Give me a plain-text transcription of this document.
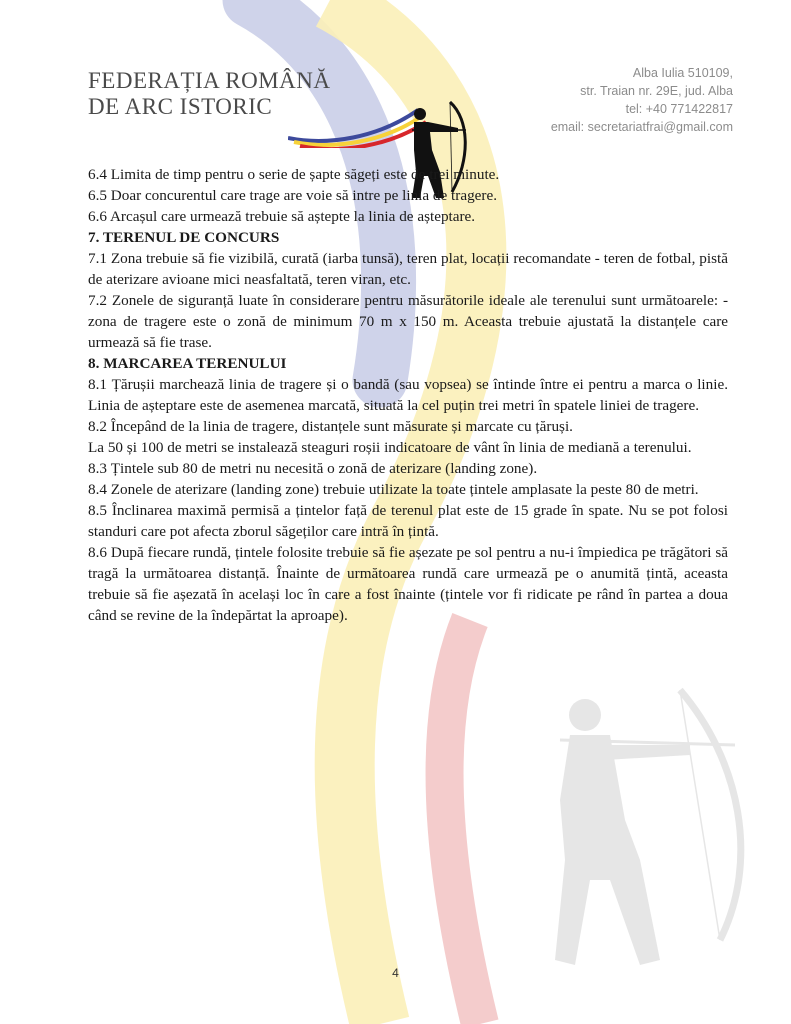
FEDERAȚIA ROMÂNĂ
DE ARC ISTORIC
Alba Iulia 510109,
str. Traian nr. 29E, jud. Alba
tel: +40 771422817
email: secretariatfrai@gmail.com

6.4 Limita de timp pentru o serie de șapte săgeți este de trei minute.

6.5 Doar concurentul care trage are voie să intre pe linia de tragere.

6.6 Arcașul care urmează trebuie să aștepte la linia de așteptare.

7. TERENUL DE CONCURS

7.1 Zona trebuie să fie vizibilă, curată (iarba tunsă), teren plat, locații recomandate - teren de fotbal, pistă de aterizare avioane mici neasfaltată, teren viran, etc.

7.2 Zonele de siguranță luate în considerare pentru măsurătorile ideale ale terenului sunt următoarele: - zona de tragere este o zonă de minimum 70 m x 150 m. Aceasta trebuie ajustată la distanțele care urmează să fie trase.

8. MARCAREA TERENULUI

8.1 Țărușii marchează linia de tragere și o bandă (sau vopsea) se întinde între ei pentru a marca o linie. Linia de așteptare este de asemenea marcată, situată la cel puțin trei metri în spatele liniei de tragere.

8.2 Începând de la linia de tragere, distanțele sunt măsurate și marcate cu țăruși.

La 50 și 100 de metri se instalează steaguri roșii indicatoare de vânt în linia de mediană a terenului.

8.3 Țintele sub 80 de metri nu necesită o zonă de aterizare (landing zone).

8.4 Zonele de aterizare (landing zone) trebuie utilizate la toate țintele amplasate la peste 80 de metri.

8.5 Înclinarea maximă permisă a țintelor față de terenul plat este de 15 grade în spate. Nu se pot folosi standuri care pot afecta zborul săgeților care intră în țintă.

8.6 După fiecare rundă, țintele folosite trebuie să fie așezate pe sol pentru a nu-i împiedica pe trăgători să tragă la următoarea distanță. Înainte de următoarea rundă care urmează pe o anumită țintă, aceasta trebuie să fie așezată în același loc în care a fost înainte (țintele vor fi ridicate pe rând în partea a doua când se revine de la îndepărtat la aproape).

4
